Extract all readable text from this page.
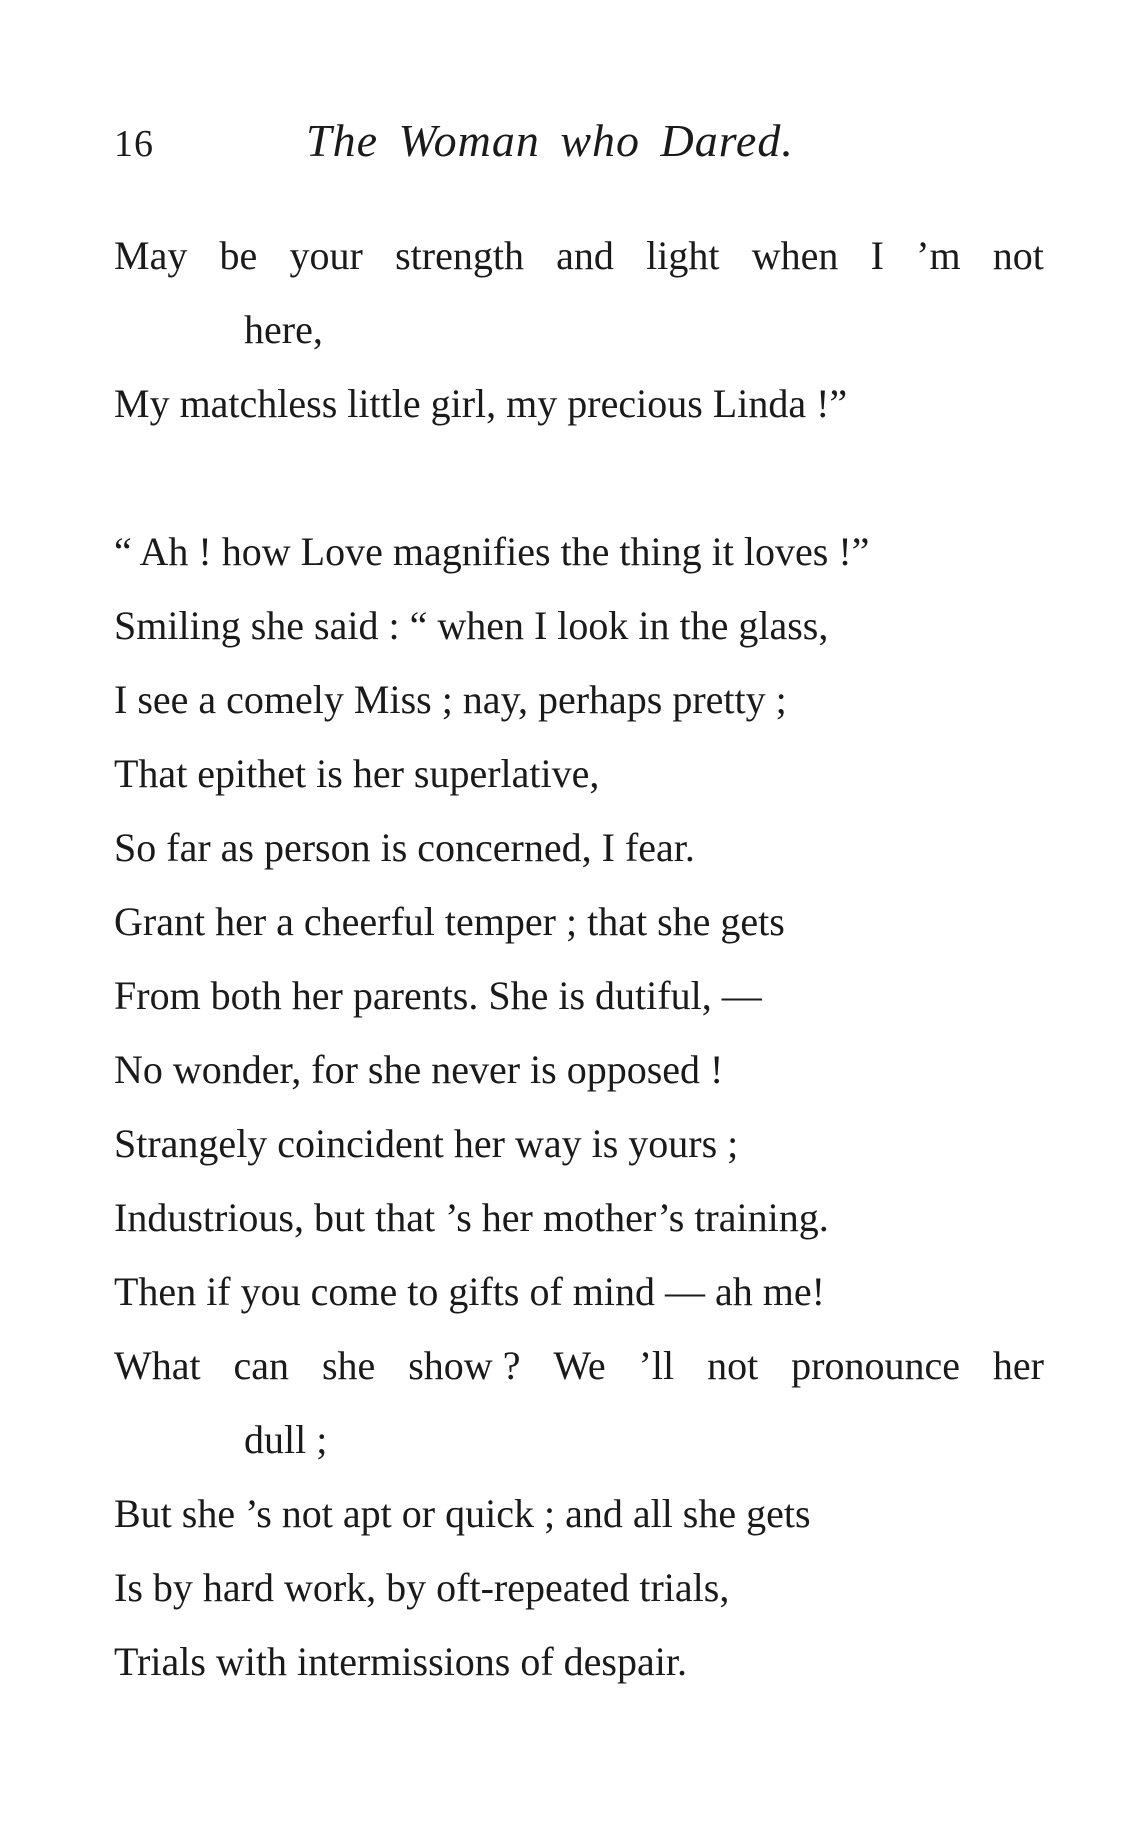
16	The Woman who Dared.
May be your strength and light when I ’m not
here,
My matchless little girl, my precious Linda !”
“ Ah ! how Love magnifies the thing it loves !”
Smiling she said : “ when I look in the glass,
I see a comely Miss ; nay, perhaps pretty ;
That epithet is her superlative,
So far as person is concerned, I fear.
Grant her a cheerful temper ; that she gets
From both her parents. She is dutiful, —
No wonder, for she never is opposed !
Strangely coincident her way is yours ;
Industrious, but that ’s her mother’s training.
Then if you come to gifts of mind — ah me!
What can she show ? We ’ll not pronounce her
dull ;
But she ’s not apt or quick ; and all she gets
Is by hard work, by oft-repeated trials,
Trials with intermissions of despair.
